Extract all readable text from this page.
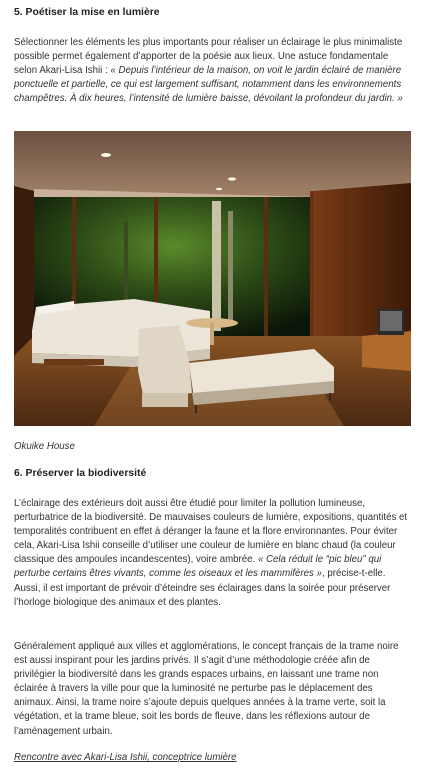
5. Poétiser la mise en lumière

Sélectionner les éléments les plus importants pour réaliser un éclairage le plus minimaliste possible permet également d’apporter de la poésie aux lieux. Une astuce fondamentale selon Akari-Lisa Ishii : « Depuis l’intérieur de la maison, on voit le jardin éclairé de manière ponctuelle et partielle, ce qui est largement suffisant, notamment dans les environnements champêtres. À dix heures, l’intensité de lumière baisse, dévoilant la profondeur du jardin. »

Okuike House
6. Préserver la biodiversité

L’éclairage des extérieurs doit aussi être étudié pour limiter la pollution lumineuse, perturbatrice de la biodiversité. De mauvaises couleurs de lumière, expositions, quantités et temporalités contribuent en effet à déranger la faune et la flore environnantes. Pour éviter cela, Akari-Lisa Ishii conseille d’utiliser une couleur de lumière en blanc chaud (la couleur classique des ampoules incandescentes), voire ambrée. « Cela réduit le “pic bleu” qui perturbe certains êtres vivants, comme les oiseaux et les mammifères », précise-t-elle. Aussi, il est important de prévoir d’éteindre ses éclairages dans la soirée pour préserver l’horloge biologique des animaux et des plantes.

Généralement appliqué aux villes et agglomérations, le concept français de la trame noire est aussi inspirant pour les jardins privés. Il s’agit d’une méthodologie créée afin de privilégier la biodiversité dans les grands espaces urbains, en laissant une trame non éclairée à travers la ville pour que la luminosité ne perturbe pas le déplacement des animaux. Ainsi, la trame noire s’ajoute depuis quelques années à la trame verte, soit la végétation, et la trame bleue, soit les bords de fleuve, dans les réflexions autour de l’aménagement urbain.

Rencontre avec Akari-Lisa Ishii, conceptrice lumière
